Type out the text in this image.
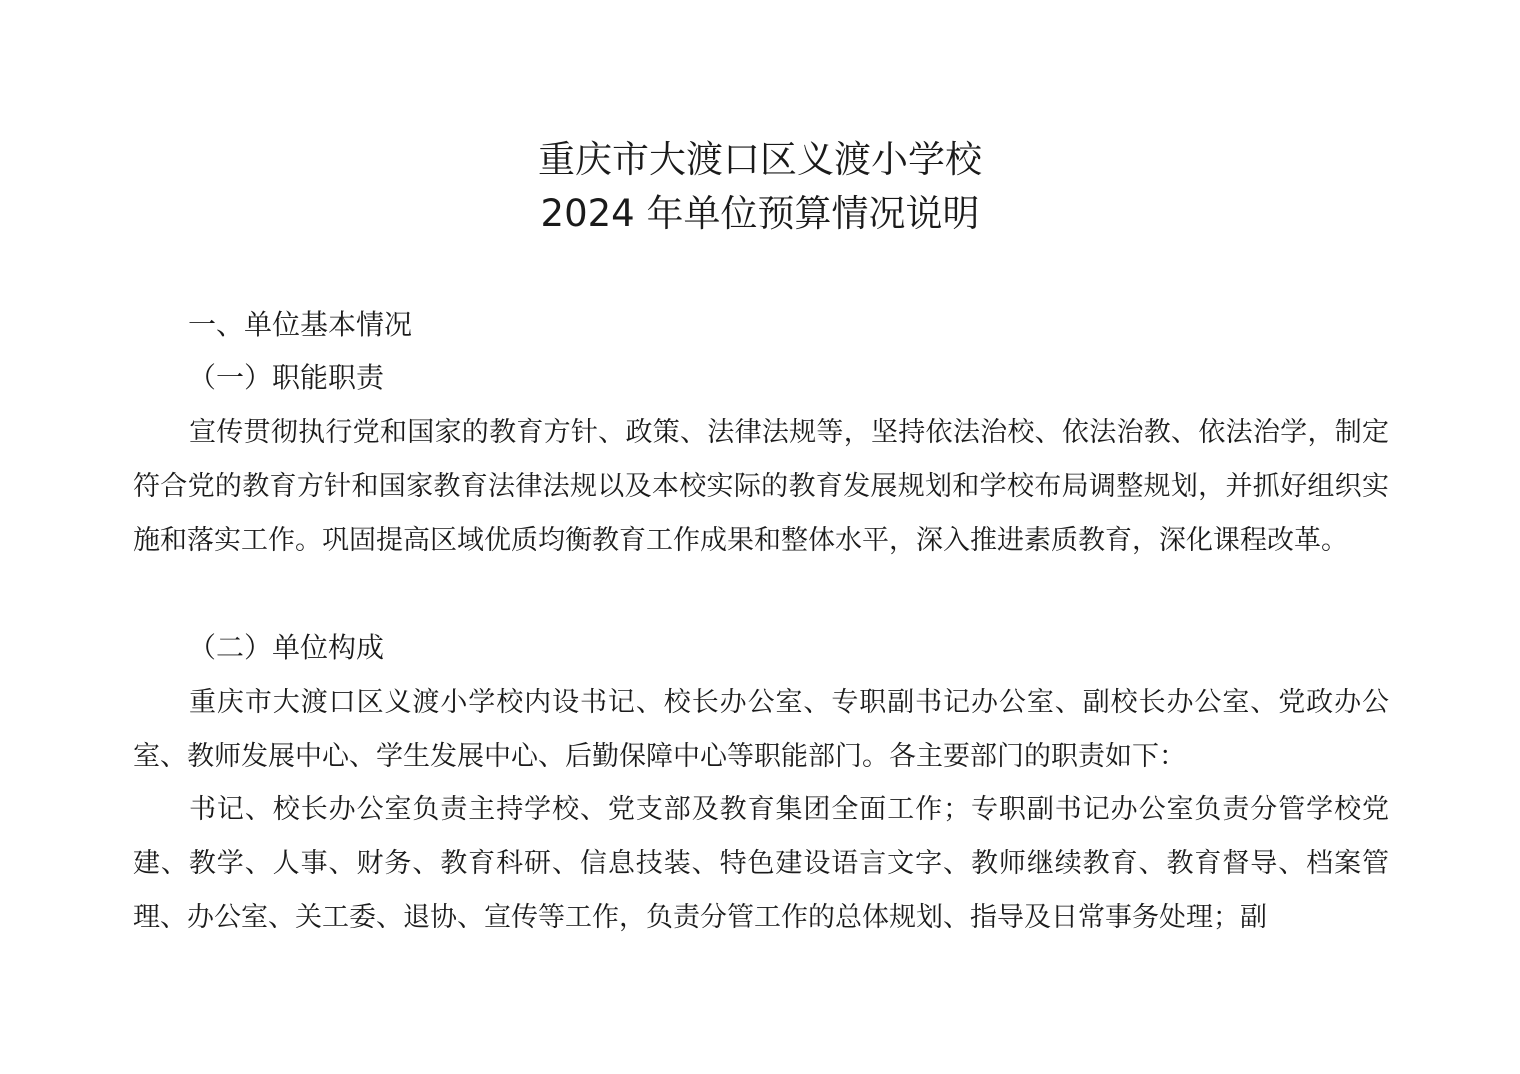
重庆市大渡口区义渡小学校
2024 年单位预算情况说明
一、单位基本情况
（一）职能职责

宣传贯彻执行党和国家的教育方针、政策、法律法规等，坚持依法治校、依法治教、依法治学，制定符合党的教育方针和国家教育法律法规以及本校实际的教育发展规划和学校布局调整规划，并抓好组织实施和落实工作。巩固提高区域优质均衡教育工作成果和整体水平，深入推进素质教育，深化课程改革。

（二）单位构成

重庆市大渡口区义渡小学校内设书记、校长办公室、专职副书记办公室、副校长办公室、党政办公室、教师发展中心、学生发展中心、后勤保障中心等职能部门。各主要部门的职责如下：

书记、校长办公室负责主持学校、党支部及教育集团全面工作；专职副书记办公室负责分管学校党建、教学、人事、财务、教育科研、信息技装、特色建设语言文字、教师继续教育、教育督导、档案管理、办公室、关工委、退协、宣传等工作，负责分管工作的总体规划、指导及日常事务处理；副
